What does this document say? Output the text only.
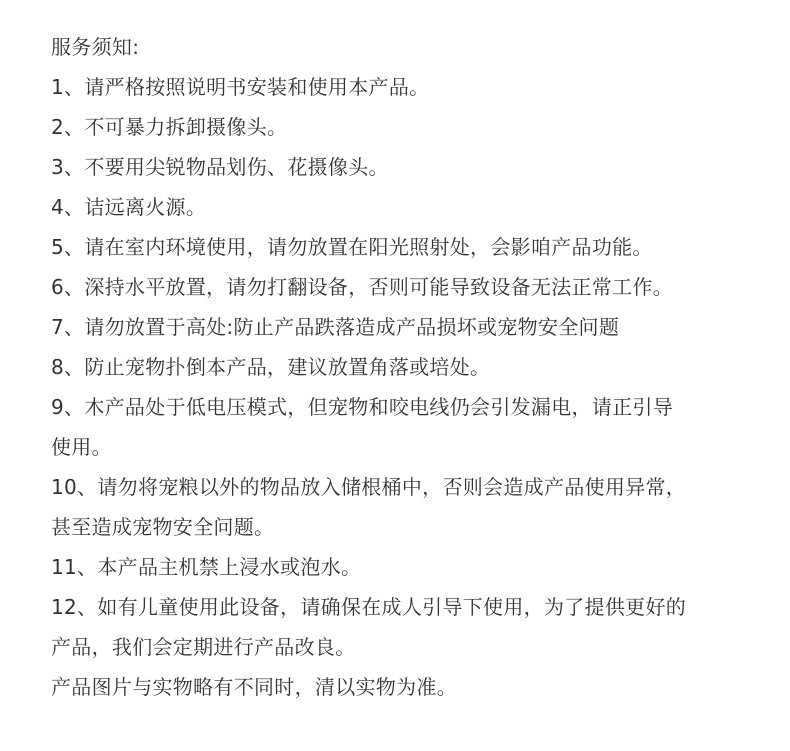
服务须知:
1、请严格按照说明书安装和使用本产品。
2、不可暴力拆卸摄像头。
3、不要用尖锐物品划伤、花摄像头。
4、诘远离火源。
5、请在室内环境使用，请勿放置在阳光照射处，会影咱产品功能。
6、深持水平放置，请勿打翻设备，否则可能导致设备无法正常工作。
7、请勿放置于高处:防止产品跌落造成产品损坏或宠物安全问题
8、防止宠物扑倒本产品，建议放置角落或培处。
9、木产品处于低电压模式，但宠物和咬电线仍会引发漏电，请正引导
使用。
10、请勿将宠粮以外的物品放入储根桶中，否则会造成产品使用异常，
甚至造成宠物安全问题。
11、本产品主机禁上浸水或泡水。
12、如有儿童使用此设备，请确保在成人引导下使用，为了提供更好的
产品，我们会定期进行产品改良。
产品图片与实物略有不同时，清以实物为准。
